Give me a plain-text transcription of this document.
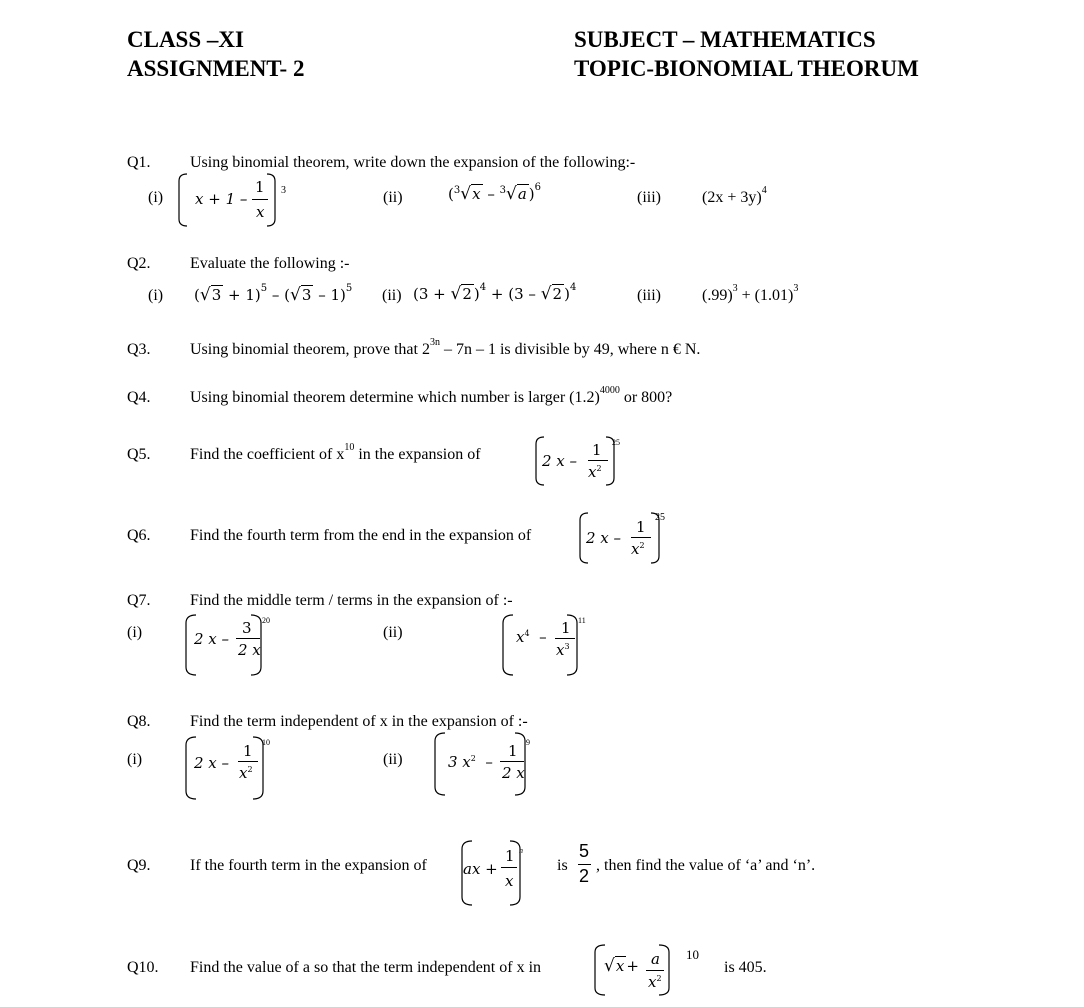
CLASS –XI
ASSIGNMENT- 2
SUBJECT – MATHEMATICS
TOPIC-BIONOMIAL THEORUM
Q1. Using binomial theorem, write down the expansion of the following:-
(i) x + 1 –
1
x
3	(ii)	($^3$√x – $^3$√a )$^6$
(iii)	$(2x + 3y)^4$
Q2. Evaluate the following :-
(i) $(√3 + 1)^5 - (√3 - 1)^5$ (ii) (3 + √2 )$^4$ + (3 – √2 )$^4$	(iii)	$(.99)^3 + (1.01)^3$
Q3. Using binomial theorem, prove that $2^{3n} - 7n - 1$ is divisible by 49, where n € N.
Q4. Using binomial theorem determine which number is larger $(1.2)^{4000}$ or 800?
Q5. Find the coefficient of $x^{10}$ in the expansion of	2 x –
1
$x^2$
25
Q6. Find the fourth term from the end in the expansion of	2 x –
1
$x^2$
25
Q7. Find the middle term / terms in the expansion of :-
(i)	2 x –
3
2 x
20
(ii)	$x^4 - 1$
$x^3$
11
Q8. Find the term independent of x in the expansion of :-
(i)	2 x –
1
$x^2$
10
(ii)	3 $x^2$  –
1
2 x
9
Q9. If the fourth term in the expansion of ax +
1
x
n
is
5
2
, then find the value of ‘a’ and ‘n’.
Q10. Find the value of a so that the term independent of x in	√x + a
$x^2$
10
is 405.
